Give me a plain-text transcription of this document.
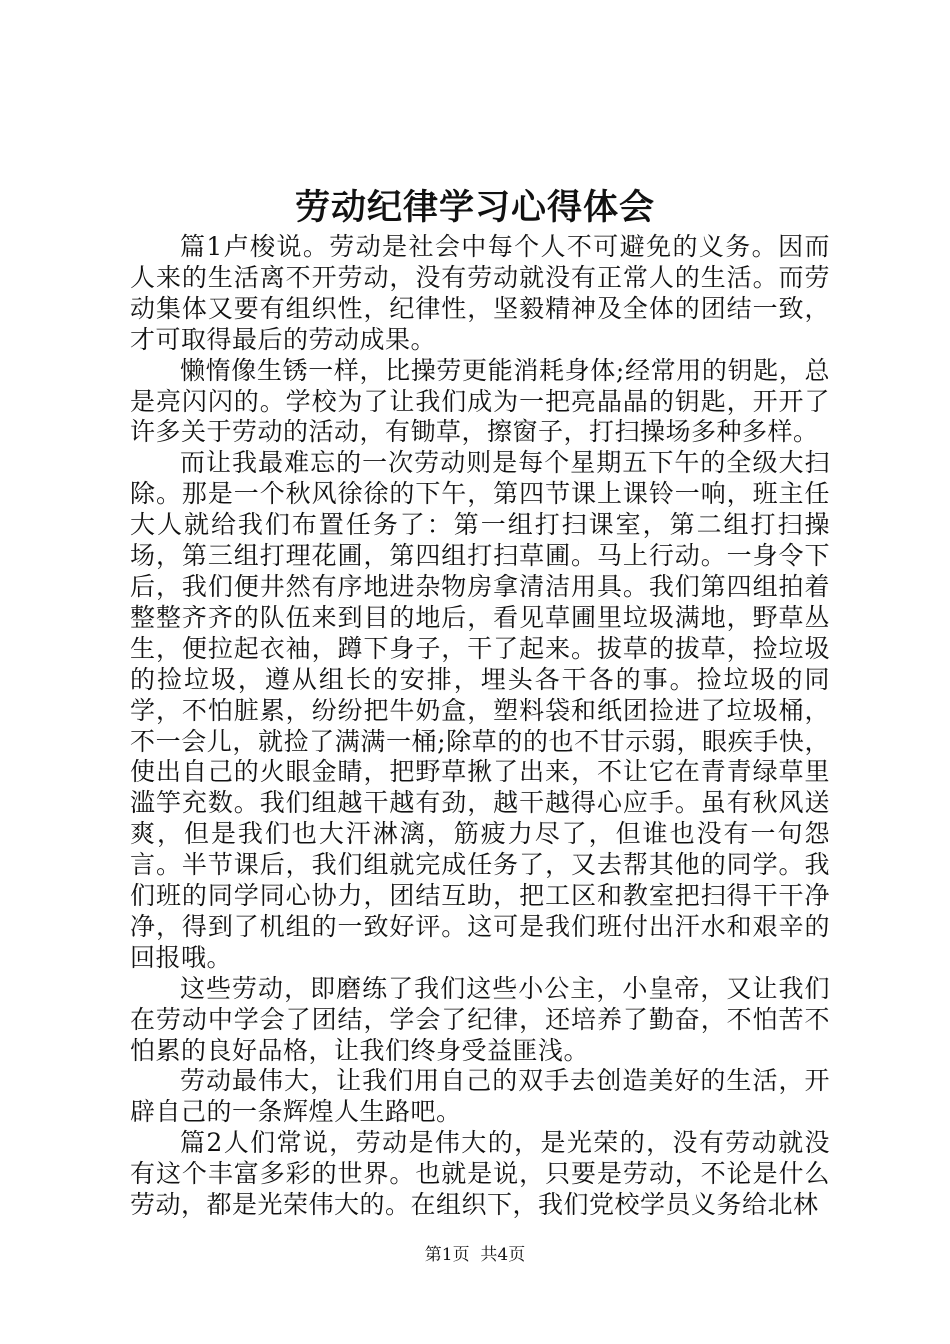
劳动纪律学习心得体会

篇1卢梭说。劳动是社会中每个人不可避免的义务。因而人来的生活离不开劳动，没有劳动就没有正常人的生活。而劳动集体又要有组织性，纪律性，坚毅精神及全体的团结一致，才可取得最后的劳动成果。

懒惰像生锈一样，比操劳更能消耗身体;经常用的钥匙，总是亮闪闪的。学校为了让我们成为一把亮晶晶的钥匙，开开了许多关于劳动的活动，有锄草，擦窗子，打扫操场多种多样。

而让我最难忘的一次劳动则是每个星期五下午的全级大扫除。那是一个秋风徐徐的下午，第四节课上课铃一响，班主任大人就给我们布置任务了：第一组打扫课室，第二组打扫操场，第三组打理花圃，第四组打扫草圃。马上行动。一身令下后，我们便井然有序地进杂物房拿清洁用具。我们第四组拍着整整齐齐的队伍来到目的地后，看见草圃里垃圾满地，野草丛生，便拉起衣袖，蹲下身子，干了起来。拔草的拔草，捡垃圾的捡垃圾，遵从组长的安排，埋头各干各的事。捡垃圾的同学，不怕脏累，纷纷把牛奶盒，塑料袋和纸团捡进了垃圾桶，不一会儿，就捡了满满一桶;除草的的也不甘示弱，眼疾手快，使出自己的火眼金睛，把野草揪了出来，不让它在青青绿草里滥竽充数。我们组越干越有劲，越干越得心应手。虽有秋风送爽，但是我们也大汗淋漓，筋疲力尽了，但谁也没有一句怨言。半节课后，我们组就完成任务了，又去帮其他的同学。我们班的同学同心协力，团结互助，把工区和教室把扫得干干净净，得到了机组的一致好评。这可是我们班付出汗水和艰辛的回报哦。

这些劳动，即磨练了我们这些小公主，小皇帝，又让我们在劳动中学会了团结，学会了纪律，还培养了勤奋，不怕苦不怕累的良好品格，让我们终身受益匪浅。

劳动最伟大，让我们用自己的双手去创造美好的生活，开辟自己的一条辉煌人生路吧。

篇2人们常说，劳动是伟大的，是光荣的，没有劳动就没有这个丰富多彩的世界。也就是说，只要是劳动，不论是什么劳动，都是光荣伟大的。在组织下，我们党校学员义务给北林

第1页 共4页
